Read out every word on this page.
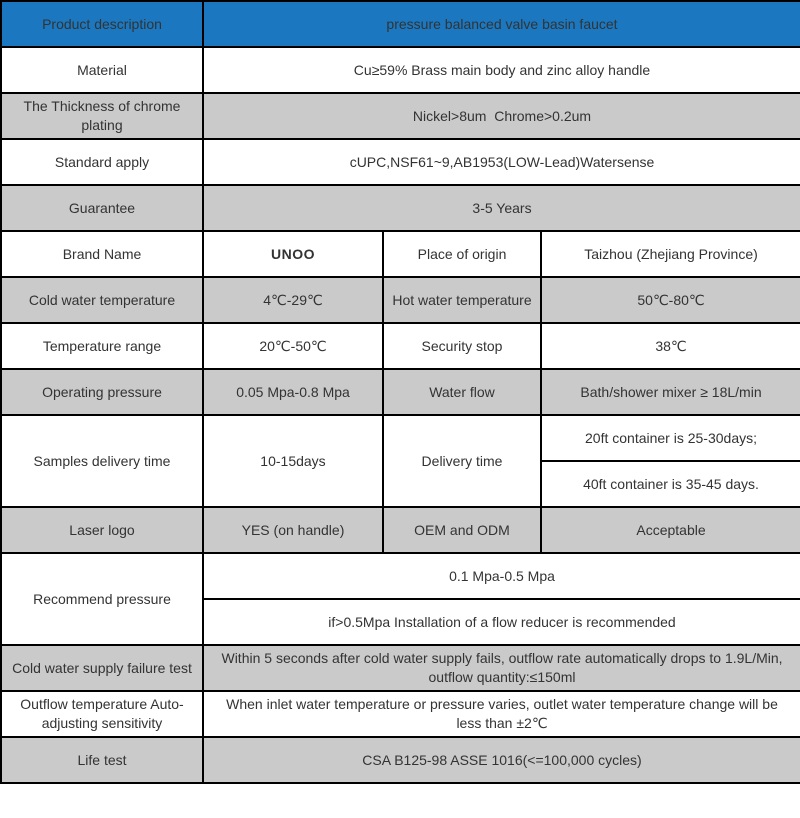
Product description	pressure balanced valve basin faucet		
Material	Cu≥59% Brass main body and zinc alloy handle		
The Thickness of chrome plating	Nickel>8um  Chrome>0.2um		
Standard apply	cUPC,NSF61~9,AB1953(LOW-Lead)Watersense		
Guarantee	3-5 Years		
Brand Name	UNOO	Place of origin	Taizhou (Zhejiang Province)
Cold water temperature	4℃-29℃	Hot water temperature	50℃-80℃
Temperature range	20℃-50℃	Security stop	38℃
Operating pressure	0.05 Mpa-0.8 Mpa	Water flow	Bath/shower mixer ≥ 18L/min
Samples delivery time	10-15days	Delivery time	20ft container is 25-30days;
			40ft container is 35-45 days.
Laser logo	YES (on handle)	OEM and ODM	Acceptable
Recommend pressure	0.1 Mpa-0.5 Mpa		
	if>0.5Mpa Installation of a flow reducer is recommended		
Cold water supply failure test	Within 5 seconds after cold water supply fails, outflow rate automatically drops to 1.9L/Min, outflow quantity:≤150ml		
Outflow temperature Auto-adjusting sensitivity	When inlet water temperature or pressure varies, outlet water temperature change will be less than ±2℃		
Life test	CSA B125-98 ASSE 1016(<=100,000 cycles)		
